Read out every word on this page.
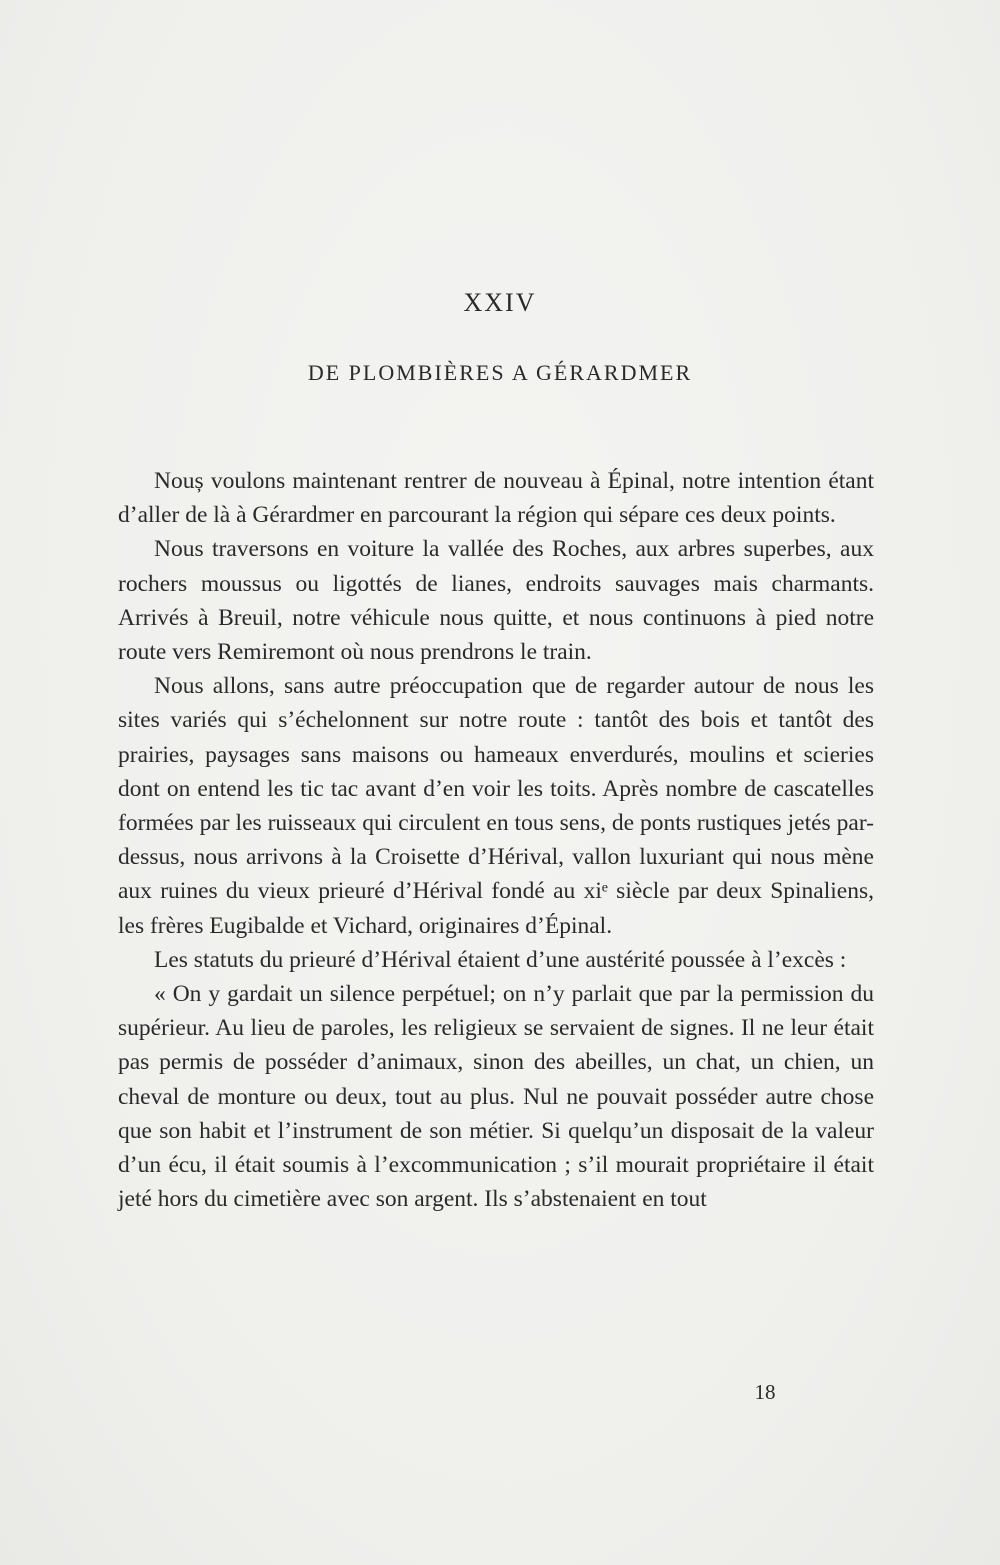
XXIV
DE PLOMBIÈRES A GÉRARDMER

Nouș voulons maintenant rentrer de nouveau à Épinal, notre intention étant d’aller de là à Gérardmer en parcourant la région qui sépare ces deux points.

Nous traversons en voiture la vallée des Roches, aux arbres superbes, aux rochers moussus ou ligottés de lianes, endroits sauvages mais charmants. Arrivés à Breuil, notre véhicule nous quitte, et nous continuons à pied notre route vers Remiremont où nous prendrons le train.

Nous allons, sans autre préoccupation que de regarder autour de nous les sites variés qui s’échelonnent sur notre route : tantôt des bois et tantôt des prairies, paysages sans maisons ou hameaux enverdurés, moulins et scieries dont on entend les tic tac avant d’en voir les toits. Après nombre de cascatelles formées par les ruisseaux qui circulent en tous sens, de ponts rustiques jetés par-dessus, nous arrivons à la Croisette d’Hérival, vallon luxuriant qui nous mène aux ruines du vieux prieuré d’Hérival fondé au xiᵉ siècle par deux Spinaliens, les frères Eugibalde et Vichard, originaires d’Épinal.

Les statuts du prieuré d’Hérival étaient d’une austérité poussée à l’excès :

« On y gardait un silence perpétuel; on n’y parlait que par la permission du supérieur. Au lieu de paroles, les religieux se servaient de signes. Il ne leur était pas permis de posséder d’animaux, sinon des abeilles, un chat, un chien, un cheval de monture ou deux, tout au plus. Nul ne pouvait posséder autre chose que son habit et l’instrument de son métier. Si quelqu’un disposait de la valeur d’un écu, il était soumis à l’excommunication ; s’il mourait propriétaire il était jeté hors du cimetière avec son argent. Ils s’abstenaient en tout

18
